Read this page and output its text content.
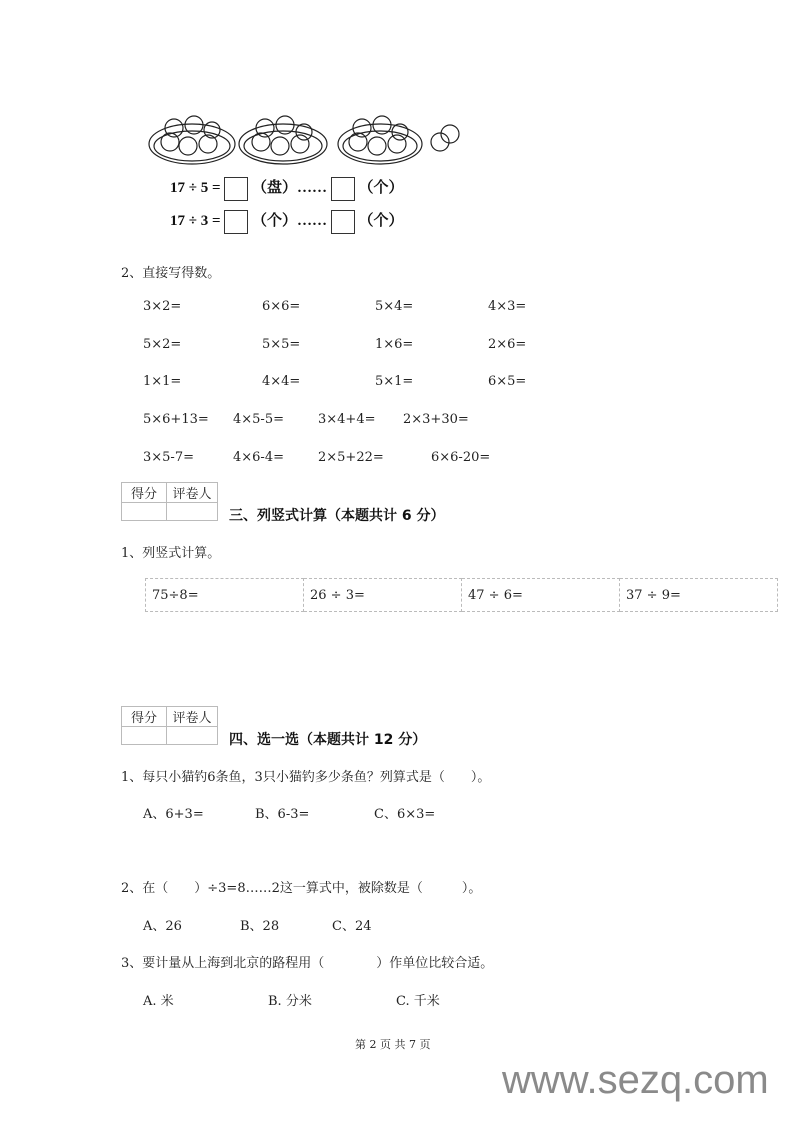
17 ÷ 5 = （盘）…… （个）
17 ÷ 3 = （个）…… （个）
2、直接写得数。
3×2=	6×6=	5×4=	4×3=
5×2=	5×5=	1×6=	2×6=
1×1=	4×4=	5×1=	6×5=
5×6+13= 4×5-5=	3×4+4= 2×3+30=
3×5-7=	4×6-4=	2×5+22=	6×6-20=
得分	评卷人

三、列竖式计算（本题共计 6 分）
1、列竖式计算。
75÷8=	26 ÷ 3=	47 ÷ 6=	37 ÷ 9=
得分	评卷人

四、选一选（本题共计 12 分）
1、每只小猫钓6条鱼，3只小猫钓多少条鱼？列算式是（　　）。
A、6+3=	B、6-3=	C、6×3=
2、在（　　）÷3=8……2这一算式中，被除数是（　　　）。
A、26	B、28	C、24
3、要计量从上海到北京的路程用（　　　　）作单位比较合适。
A. 米	B. 分米	C. 千米
第 2 页 共 7 页
www.sezq.com
